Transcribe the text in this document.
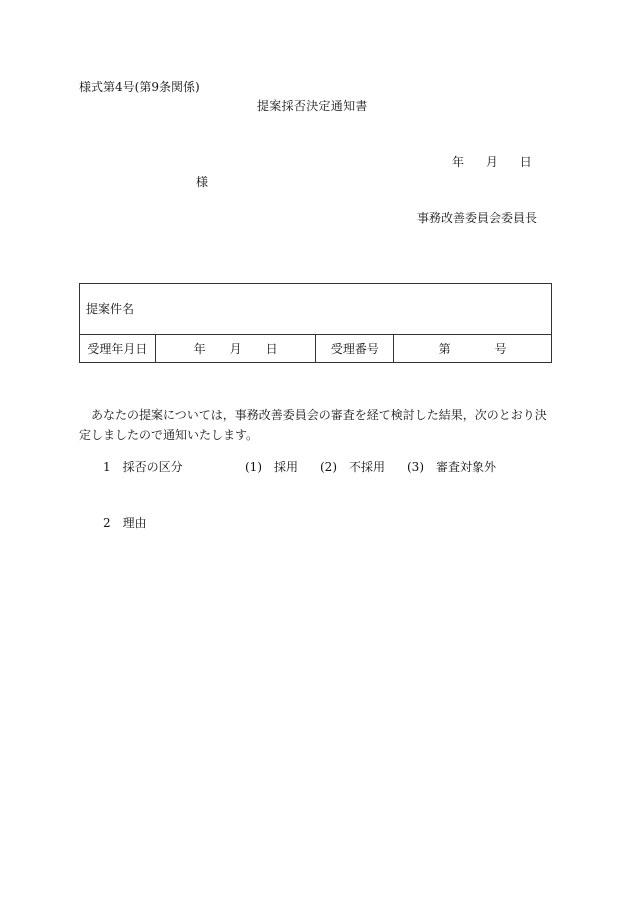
様式第4号(第9条関係)
提案採否決定通知書
年 月 日
様
事務改善委員会委員長
提案件名
受理年月日	年 月 日	受理番号	第	号
あなたの提案については，事務改善委員会の審査を経て検討した結果，次のとおり決定しましたので通知いたします。
1　 採否の区分	(1)　採用 (2)　不採用 (3)　審査対象外
2　 理由
